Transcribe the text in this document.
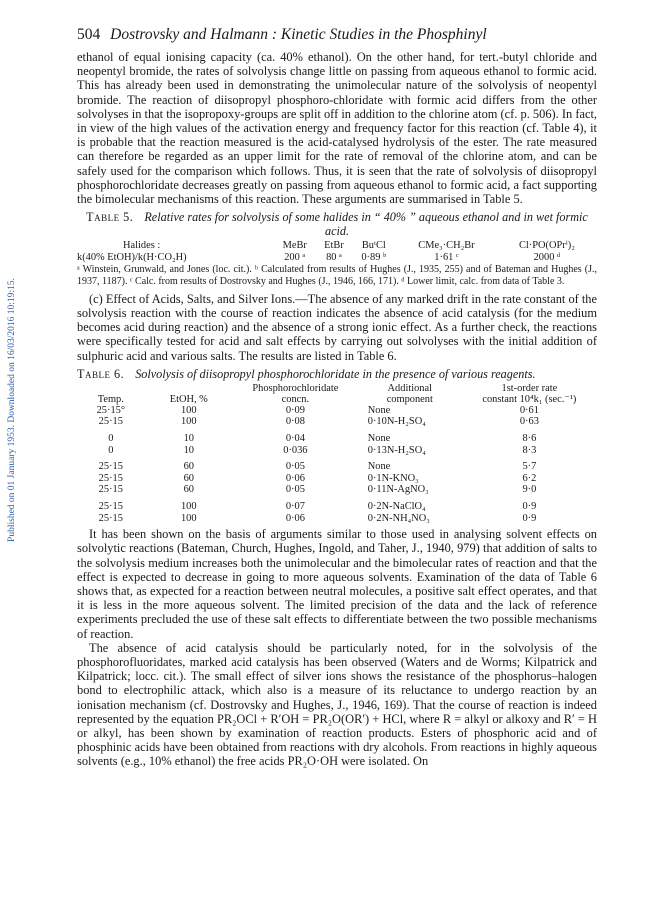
Published on 01 January 1953. Downloaded on 16/03/2016 10:19:15.
504 Dostrovsky and Halmann : Kinetic Studies in the Phosphinyl

ethanol of equal ionising capacity (ca. 40% ethanol). On the other hand, for tert.-butyl chloride and neopentyl bromide, the rates of solvolysis change little on passing from aqueous ethanol to formic acid. This has already been used in demonstrating the unimolecular nature of the solvolysis of neopentyl bromide. The reaction of diisopropyl phosphoro-chloridate with formic acid differs from the other solvolyses in that the isopropoxy-groups are split off in addition to the chlorine atom (cf. p. 506). In fact, in view of the high values of the activation energy and frequency factor for this reaction (cf. Table 4), it is probable that the reaction measured is the acid-catalysed hydrolysis of the ester. The rate measured can therefore be regarded as an upper limit for the rate of removal of the chlorine atom, and can be safely used for the comparison which follows. Thus, it is seen that the rate of solvolysis of diisopropyl phosphorochloridate decreases greatly on passing from aqueous ethanol to formic acid, a fact supporting the bimolecular mechanisms of this reaction. These arguments are summarised in Table 5.

Table 5. Relative rates for solvolysis of some halides in “ 40% ” aqueous ethanol and in wet formic acid.
Halides :	MeBr	EtBr	BuᵗCl	CMe₃·CH₂Br	Cl·PO(OPrⁱ)₂
k(40% EtOH)/k(H·CO₂H)	200 ᵃ	80 ᵃ	0·89 ᵇ	1·61 ᶜ	2000 ᵈ
ᵃ Winstein, Grunwald, and Jones (loc. cit.). ᵇ Calculated from results of Hughes (J., 1935, 255) and of Bateman and Hughes (J., 1937, 1187). ᶜ Calc. from results of Dostrovsky and Hughes (J., 1946, 166, 171). ᵈ Lower limit, calc. from data of Table 3.

(c) Effect of Acids, Salts, and Silver Ions.—The absence of any marked drift in the rate constant of the solvolysis reaction with the course of reaction indicates the absence of acid catalysis (for the medium becomes acid during reaction) and the absence of a strong ionic effect. As a further check, the reactions were specifically tested for acid and salt effects by carrying out solvolyses with the initial addition of sulphuric acid and various salts. The results are listed in Table 6.

Table 6. Solvolysis of diisopropyl phosphorochloridate in the presence of various reagents.
		Phosphorochloridate	Additional	1st-order rate
Temp.	EtOH, %	concn.	component	constant 10⁴k₁ (sec.⁻¹)
25·15°	100	0·09	None	0·61
25·15	100	0·08	0·10N-H₂SO₄	0·63
0	10	0·04	None	8·6
0	10	0·036	0·13N-H₂SO₄	8·3
25·15	60	0·05	None	5·7
25·15	60	0·06	0·1N-KNO₃	6·2
25·15	60	0·05	0·11N-AgNO₃	9·0
25·15	100	0·07	0·2N-NaClO₄	0·9
25·15	100	0·06	0·2N-NH₄NO₃	0·9

It has been shown on the basis of arguments similar to those used in analysing solvent effects on solvolytic reactions (Bateman, Church, Hughes, Ingold, and Taher, J., 1940, 979) that addition of salts to the solvolysis medium increases both the unimolecular and the bimolecular rates of reaction and that the effect is expected to decrease in going to more aqueous solvents. Examination of the data of Table 6 shows that, as expected for a reaction between neutral molecules, a positive salt effect operates, and that it is less in the more aqueous solvent. The limited precision of the data and the lack of reference experiments precluded the use of these salt effects to differentiate between the two possible mechanisms of reaction.

The absence of acid catalysis should be particularly noted, for in the solvolysis of the phosphorofluoridates, marked acid catalysis has been observed (Waters and de Worms; Kilpatrick and Kilpatrick; locc. cit.). The small effect of silver ions shows the resistance of the phosphorus–halogen bond to electrophilic attack, which also is a measure of its reluctance to undergo reaction by an ionisation mechanism (cf. Dostrovsky and Hughes, J., 1946, 169). That the course of reaction is indeed represented by the equation PR₂OCl + R′OH = PR₂O(OR′) + HCl, where R = alkyl or alkoxy and R′ = H or alkyl, has been shown by examination of reaction products. Esters of phosphoric acid and of phosphinic acids have been obtained from reactions with dry alcohols. From reactions in highly aqueous solvents (e.g., 10% ethanol) the free acids PR₂O·OH were isolated. On
